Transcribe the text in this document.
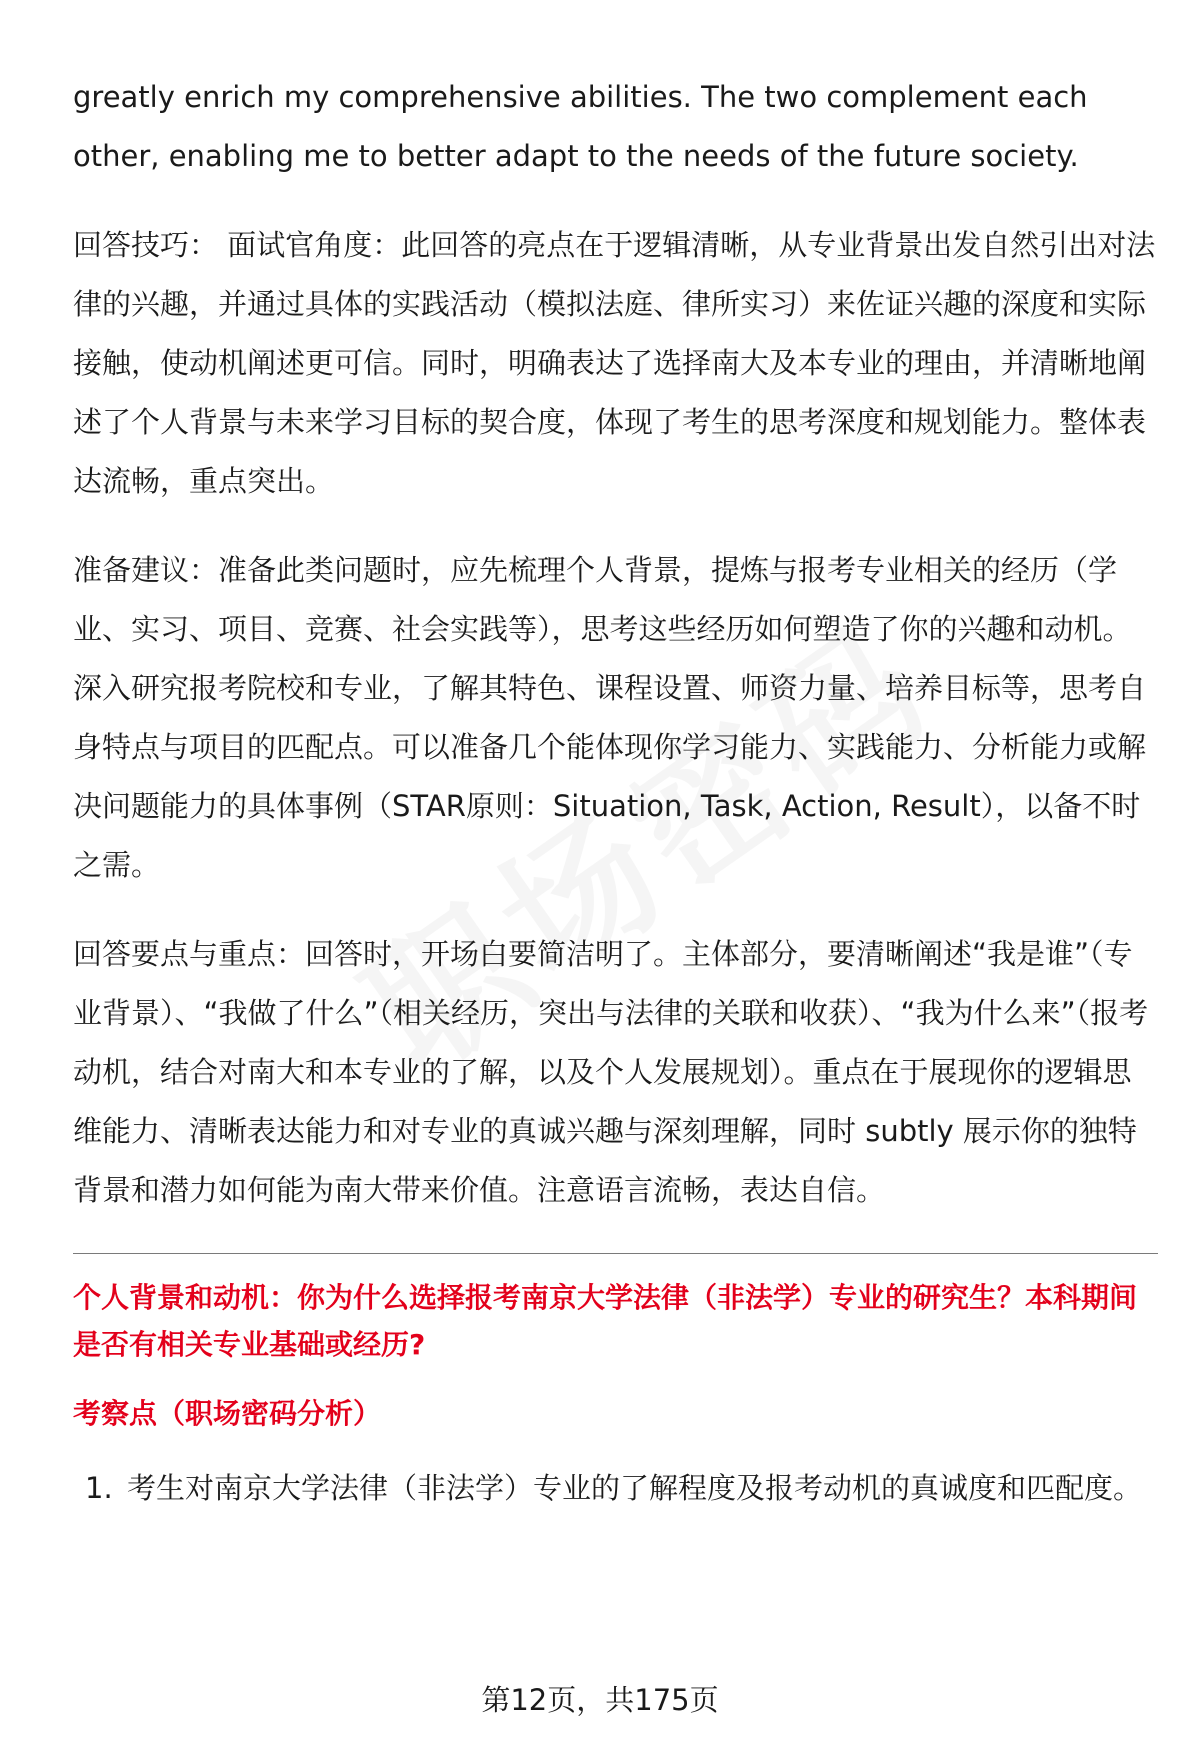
greatly enrich my comprehensive abilities. The two complement each other, enabling me to better adapt to the needs of the future society.

回答技巧： 面试官角度：此回答的亮点在于逻辑清晰，从专业背景出发自然引出对法律的兴趣，并通过具体的实践活动（模拟法庭、律所实习）来佐证兴趣的深度和实际接触，使动机阐述更可信。同时，明确表达了选择南大及本专业的理由，并清晰地阐述了个人背景与未来学习目标的契合度，体现了考生的思考深度和规划能力。整体表达流畅，重点突出。

准备建议：准备此类问题时，应先梳理个人背景，提炼与报考专业相关的经历（学业、实习、项目、竞赛、社会实践等），思考这些经历如何塑造了你的兴趣和动机。深入研究报考院校和专业，了解其特色、课程设置、师资力量、培养目标等，思考自身特点与项目的匹配点。可以准备几个能体现你学习能力、实践能力、分析能力或解决问题能力的具体事例（STAR原则：Situation, Task, Action, Result），以备不时之需。

回答要点与重点：回答时，开场白要简洁明了。主体部分，要清晰阐述“我是谁”（专业背景）、“我做了什么”（相关经历，突出与法律的关联和收获）、“我为什么来”（报考动机，结合对南大和本专业的了解，以及个人发展规划）。重点在于展现你的逻辑思维能力、清晰表达能力和对专业的真诚兴趣与深刻理解，同时 subtly 展示你的独特背景和潜力如何能为南大带来价值。注意语言流畅，表达自信。

个人背景和动机：你为什么选择报考南京大学法律（非法学）专业的研究生？本科期间是否有相关专业基础或经历?

考察点（职场密码分析）

1. 考生对南京大学法律（非法学）专业的了解程度及报考动机的真诚度和匹配度。
第12页，共175页
